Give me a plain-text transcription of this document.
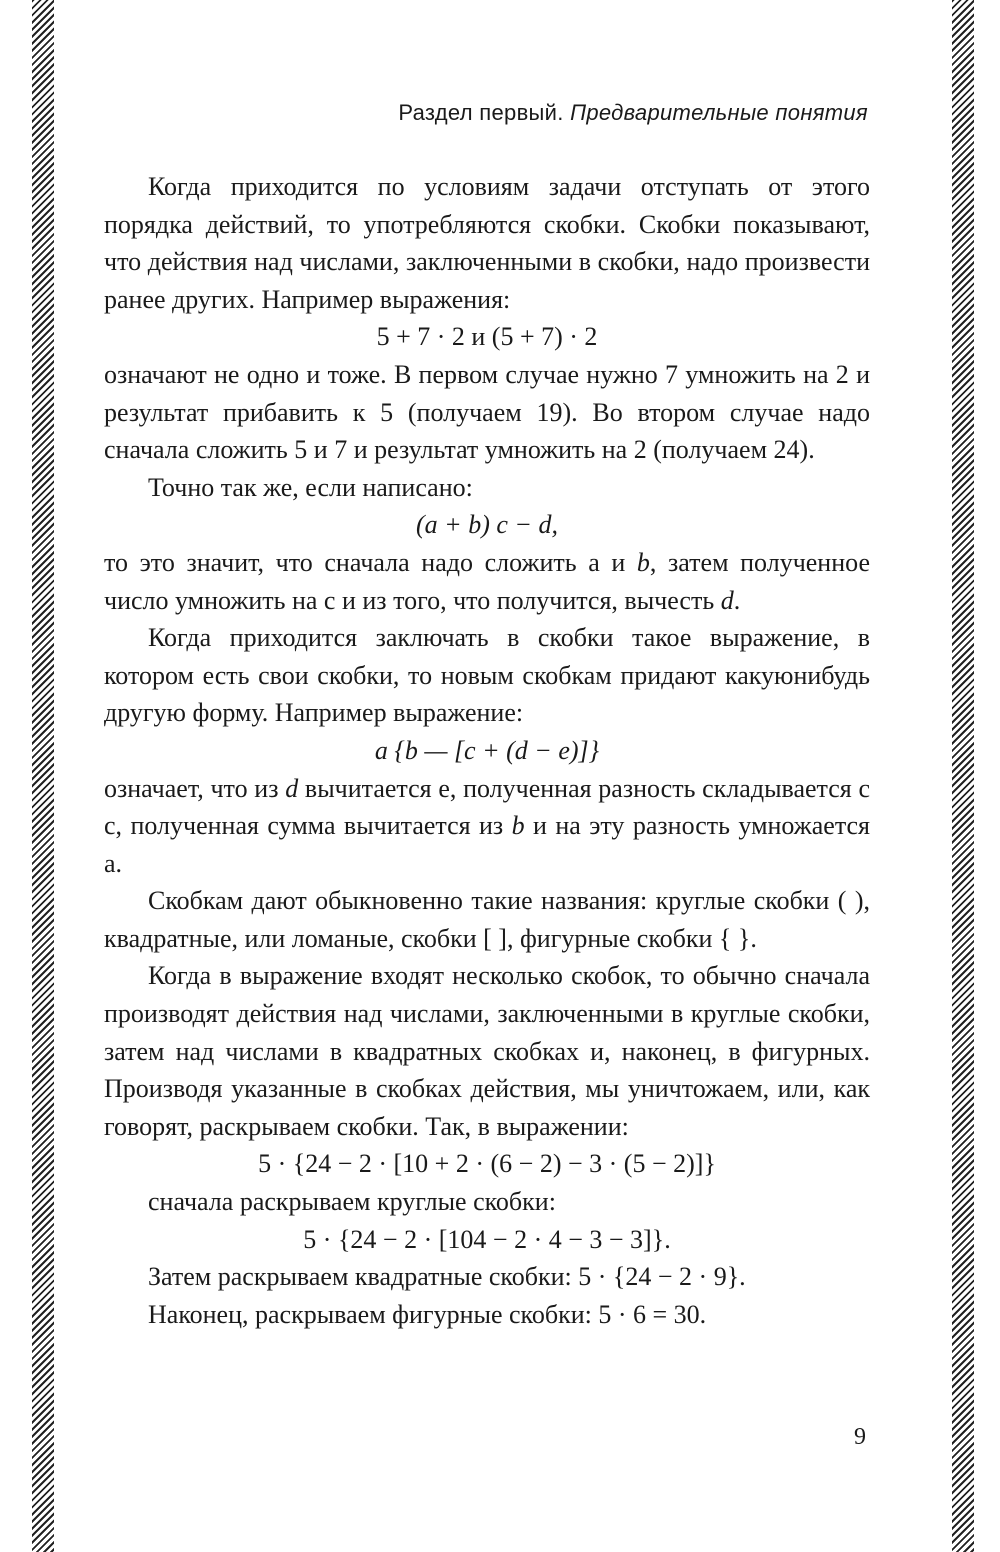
Раздел первый. Предварительные понятия

Когда приходится по условиям задачи отступать от этого порядка действий, то употребляются скобки. Скобки показывают, что действия над числами, заключенными в скобки, надо произвести ранее других. Например выражения:

5 + 7 · 2 и (5 + 7) · 2

означают не одно и тоже. В первом случае нужно 7 умножить на 2 и результат прибавить к 5 (получаем 19). Во втором случае надо сначала сложить 5 и 7 и результат умножить на 2 (получаем 24).

Точно так же, если написано:

(a + b) c − d,

то это значит, что сначала надо сложить а и b, затем полученное число умножить на с и из того, что получится, вычесть d.

Когда приходится заключать в скобки такое выражение, в котором есть свои скобки, то новым скобкам придают какуюнибудь другую форму. Например выражение:

a {b — [c + (d − e)]}

означает, что из d вычитается е, полученная разность складывается с с, полученная сумма вычитается из b и на эту разность умножается а.

Скобкам дают обыкновенно такие названия: круглые скобки ( ), квадратные, или ломаные, скобки [ ], фигурные скобки { }.

Когда в выражение входят несколько скобок, то обычно сначала производят действия над числами, заключенными в круглые скобки, затем над числами в квадратных скобках и, наконец, в фигурных. Производя указанные в скобках действия, мы уничтожаем, или, как говорят, раскрываем скобки. Так, в выражении:

5 · {24 − 2 · [10 + 2 · (6 − 2) − 3 · (5 − 2)]}

сначала раскрываем круглые скобки:

5 · {24 − 2 · [104 − 2 · 4 − 3 − 3]}.

Затем раскрываем квадратные скобки: 5 · {24 − 2 · 9}.

Наконец, раскрываем фигурные скобки: 5 · 6 = 30.

9
